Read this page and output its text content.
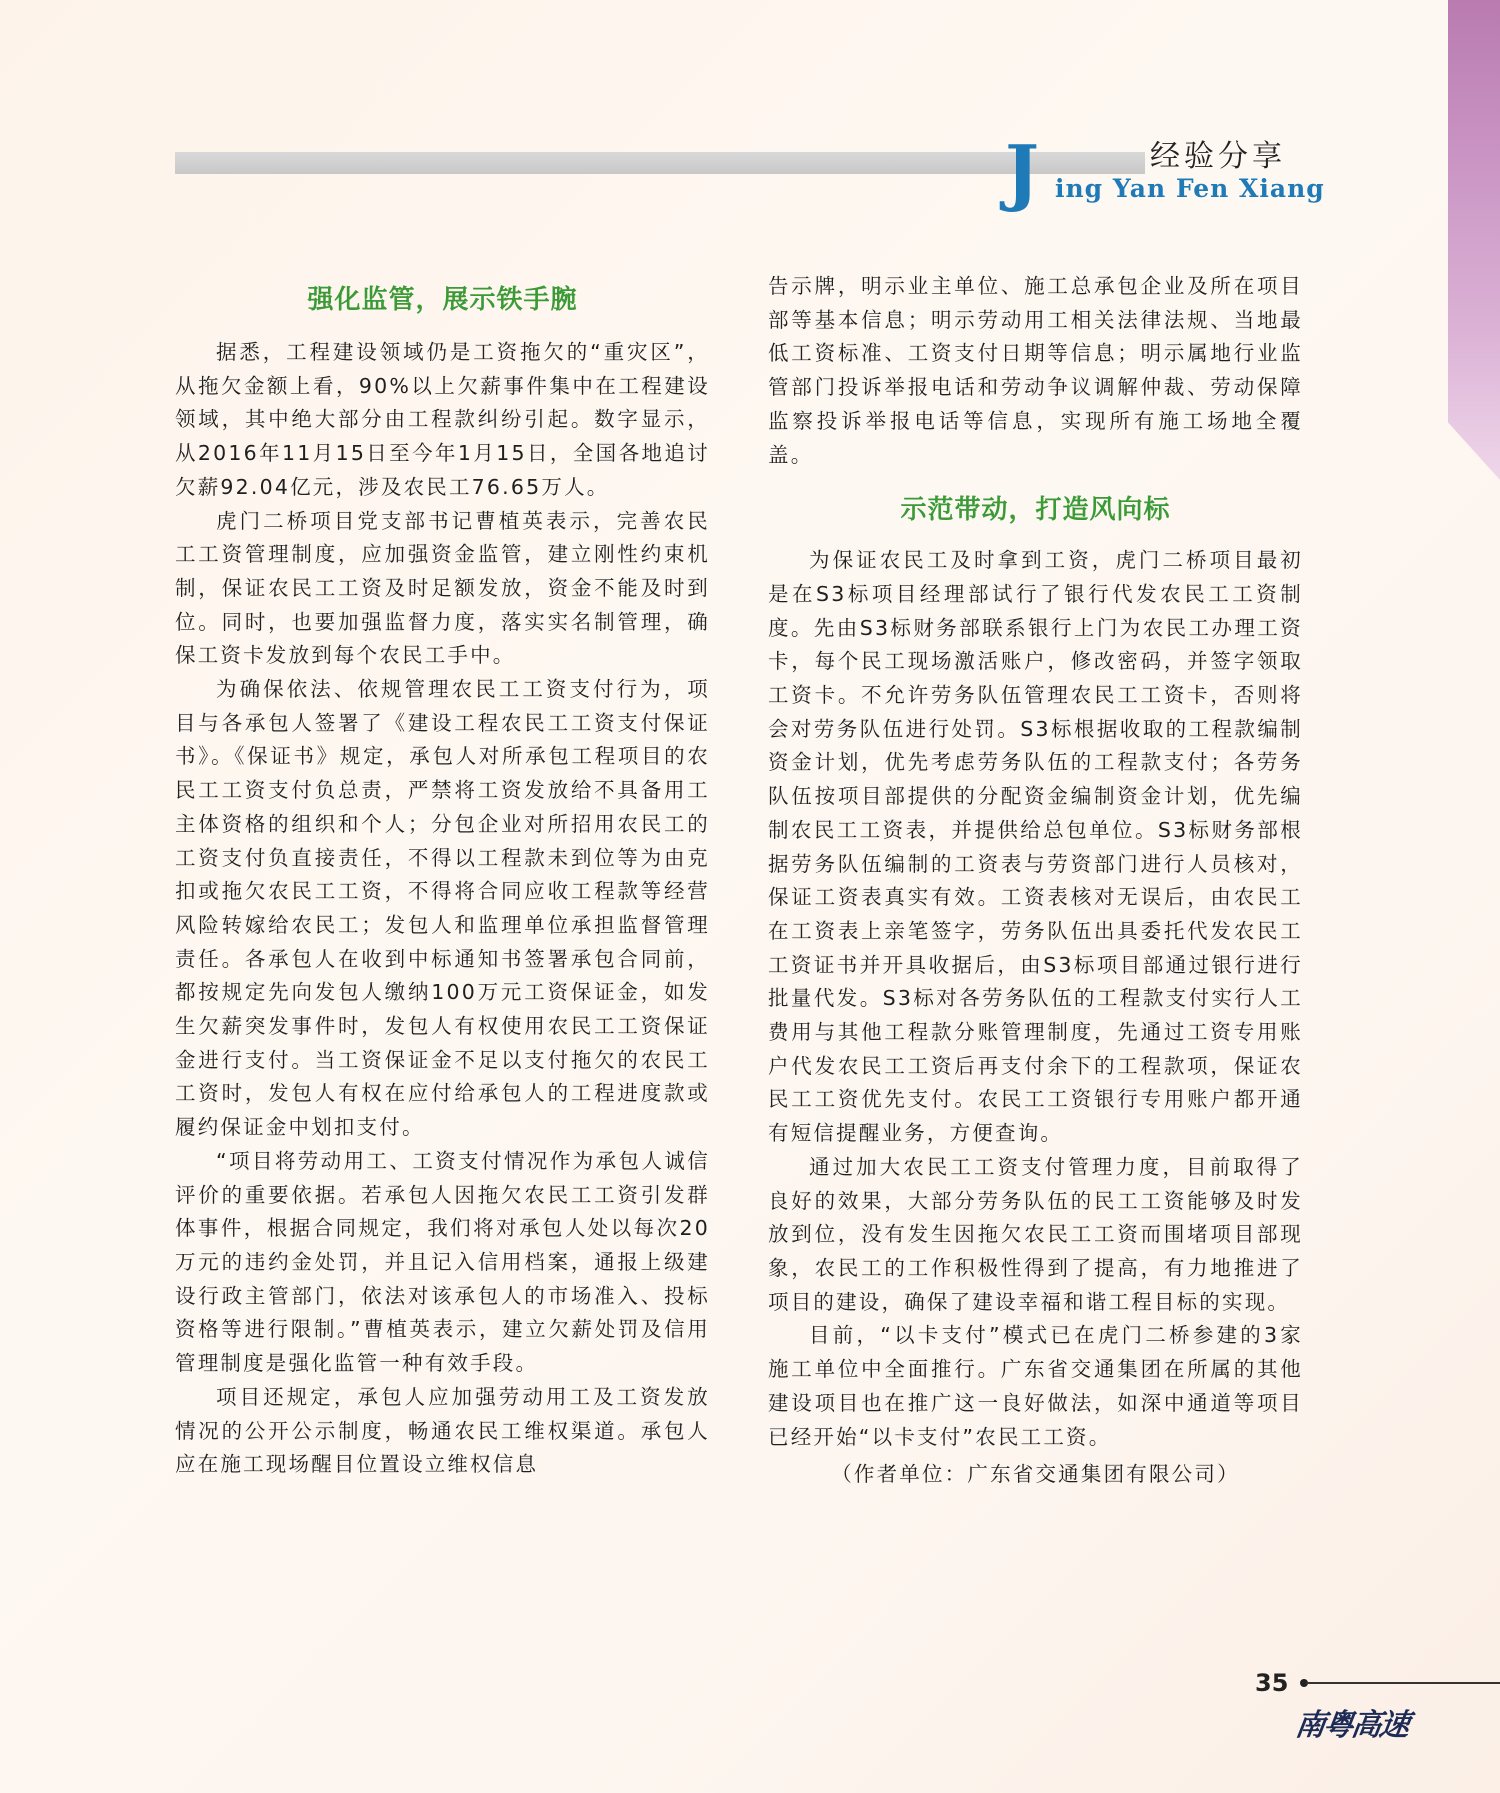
J	经验分享
ing Yan Fen Xiang
强化监管，展示铁手腕

据悉，工程建设领域仍是工资拖欠的“重灾区”，从拖欠金额上看，90%以上欠薪事件集中在工程建设领域，其中绝大部分由工程款纠纷引起。数字显示，从2016年11月15日至今年1月15日，全国各地追讨欠薪92.04亿元，涉及农民工76.65万人。

虎门二桥项目党支部书记曹植英表示，完善农民工工资管理制度，应加强资金监管，建立刚性约束机制，保证农民工工资及时足额发放，资金不能及时到位。同时，也要加强监督力度，落实实名制管理，确保工资卡发放到每个农民工手中。

为确保依法、依规管理农民工工资支付行为，项目与各承包人签署了《建设工程农民工工资支付保证书》。《保证书》规定，承包人对所承包工程项目的农民工工资支付负总责，严禁将工资发放给不具备用工主体资格的组织和个人；分包企业对所招用农民工的工资支付负直接责任，不得以工程款未到位等为由克扣或拖欠农民工工资，不得将合同应收工程款等经营风险转嫁给农民工；发包人和监理单位承担监督管理责任。各承包人在收到中标通知书签署承包合同前，都按规定先向发包人缴纳100万元工资保证金，如发生欠薪突发事件时，发包人有权使用农民工工资保证金进行支付。当工资保证金不足以支付拖欠的农民工工资时，发包人有权在应付给承包人的工程进度款或履约保证金中划扣支付。

“项目将劳动用工、工资支付情况作为承包人诚信评价的重要依据。若承包人因拖欠农民工工资引发群体事件，根据合同规定，我们将对承包人处以每次20万元的违约金处罚，并且记入信用档案，通报上级建设行政主管部门，依法对该承包人的市场准入、投标资格等进行限制。”曹植英表示，建立欠薪处罚及信用管理制度是强化监管一种有效手段。

项目还规定，承包人应加强劳动用工及工资发放情况的公开公示制度，畅通农民工维权渠道。承包人应在施工现场醒目位置设立维权信息

告示牌，明示业主单位、施工总承包企业及所在项目部等基本信息；明示劳动用工相关法律法规、当地最低工资标准、工资支付日期等信息；明示属地行业监管部门投诉举报电话和劳动争议调解仲裁、劳动保障监察投诉举报电话等信息，实现所有施工场地全覆盖。

示范带动，打造风向标

为保证农民工及时拿到工资，虎门二桥项目最初是在S3标项目经理部试行了银行代发农民工工资制度。先由S3标财务部联系银行上门为农民工办理工资卡，每个民工现场激活账户，修改密码，并签字领取工资卡。不允许劳务队伍管理农民工工资卡，否则将会对劳务队伍进行处罚。S3标根据收取的工程款编制资金计划，优先考虑劳务队伍的工程款支付；各劳务队伍按项目部提供的分配资金编制资金计划，优先编制农民工工资表，并提供给总包单位。S3标财务部根据劳务队伍编制的工资表与劳资部门进行人员核对，保证工资表真实有效。工资表核对无误后，由农民工在工资表上亲笔签字，劳务队伍出具委托代发农民工工资证书并开具收据后，由S3标项目部通过银行进行批量代发。S3标对各劳务队伍的工程款支付实行人工费用与其他工程款分账管理制度，先通过工资专用账户代发农民工工资后再支付余下的工程款项，保证农民工工资优先支付。农民工工资银行专用账户都开通有短信提醒业务，方便查询。

通过加大农民工工资支付管理力度，目前取得了良好的效果，大部分劳务队伍的民工工资能够及时发放到位，没有发生因拖欠农民工工资而围堵项目部现象，农民工的工作积极性得到了提高，有力地推进了项目的建设，确保了建设幸福和谐工程目标的实现。

目前，“以卡支付”模式已在虎门二桥参建的3家施工单位中全面推行。广东省交通集团在所属的其他建设项目也在推广这一良好做法，如深中通道等项目已经开始“以卡支付”农民工工资。

（作者单位：广东省交通集团有限公司）

35
南粤高速
